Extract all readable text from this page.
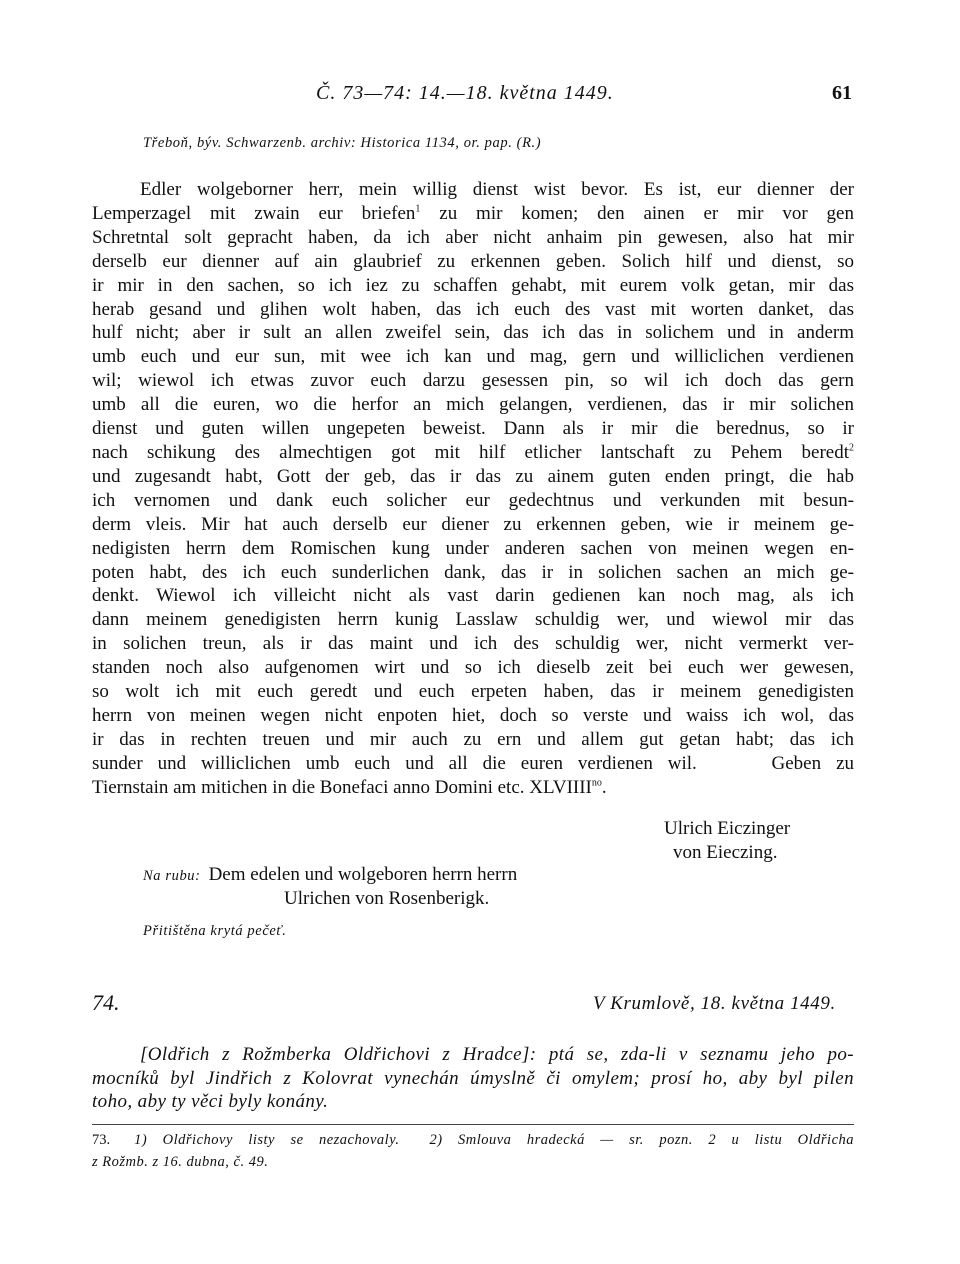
Č. 73—74: 14.—18. května 1449.	61
Třeboň, býv. Schwarzenb. archiv: Historica 1134, or. pap. (R.)
Edler wolgeborner herr, mein willig dienst wist bevor. Es ist, eur dienner der
Lemperzagel mit zwain eur briefen$^1$ zu mir komen; den ainen er mir vor gen
Schretntal solt gepracht haben, da ich aber nicht anhaim pin gewesen, also hat mir
derselb eur dienner auf ain glaubrief zu erkennen geben. Solich hilf und dienst, so
ir mir in den sachen, so ich iez zu schaffen gehabt, mit eurem volk getan, mir das
herab gesand und glihen wolt haben, das ich euch des vast mit worten danket, das
hulf nicht; aber ir sult an allen zweifel sein, das ich das in solichem und in anderm
umb euch und eur sun, mit wee ich kan und mag, gern und williclichen verdienen
wil; wiewol ich etwas zuvor euch darzu gesessen pin, so wil ich doch das gern
umb all die euren, wo die herfor an mich gelangen, verdienen, das ir mir solichen
dienst und guten willen ungepeten beweist. Dann als ir mir die berednus, so ir
nach schikung des almechtigen got mit hilf etlicher lantschaft zu Pehem beredt$^2$
und zugesandt habt, Gott der geb, das ir das zu ainem guten enden pringt, die hab
ich vernomen und dank euch solicher eur gedechtnus und verkunden mit besun-
derm vleis. Mir hat auch derselb eur diener zu erkennen geben, wie ir meinem ge-
nedigisten herrn dem Romischen kung under anderen sachen von meinen wegen en-
poten habt, des ich euch sunderlichen dank, das ir in solichen sachen an mich ge-
denkt. Wiewol ich villeicht nicht als vast darin gedienen kan noch mag, als ich
dann meinem genedigisten herrn kunig Lasslaw schuldig wer, und wiewol mir das
in solichen treun, als ir das maint und ich des schuldig wer, nicht vermerkt ver-
standen noch also aufgenomen wirt und so ich dieselb zeit bei euch wer gewesen,
so wolt ich mit euch geredt und euch erpeten haben, das ir meinem genedigisten
herrn von meinen wegen nicht enpoten hiet, doch so verste und waiss ich wol, das
ir das in rechten treuen und mir auch zu ern und allem gut getan habt; das ich
sunder und williclichen umb euch und all die euren verdienen wil.     Geben zu
Tiernstain am mitichen in die Bonefaci anno Domini etc. $XLVIIII^{no}$.
Ulrich Eiczinger
von Eieczing.
Na rubu: Dem edelen und wolgeboren herrn herrn
Ulrichen von Rosenberigk.
Přitištěna krytá pečeť.
74.	V Krumlově, 18. května 1449.
[Oldřich z Rožmberka Oldřichovi z Hradce]: ptá se, zda-li v seznamu jeho po-
mocníků byl Jindřich z Kolovrat vynechán úmyslně či omylem; prosí ho, aby byl pilen
toho, aby ty věci byly konány.
73. 1) Oldřichovy listy se nezachovaly. 2) Smlouva hradecká — sr. pozn. 2 u listu Oldřicha
z Rožmb. z 16. dubna, č. 49.
